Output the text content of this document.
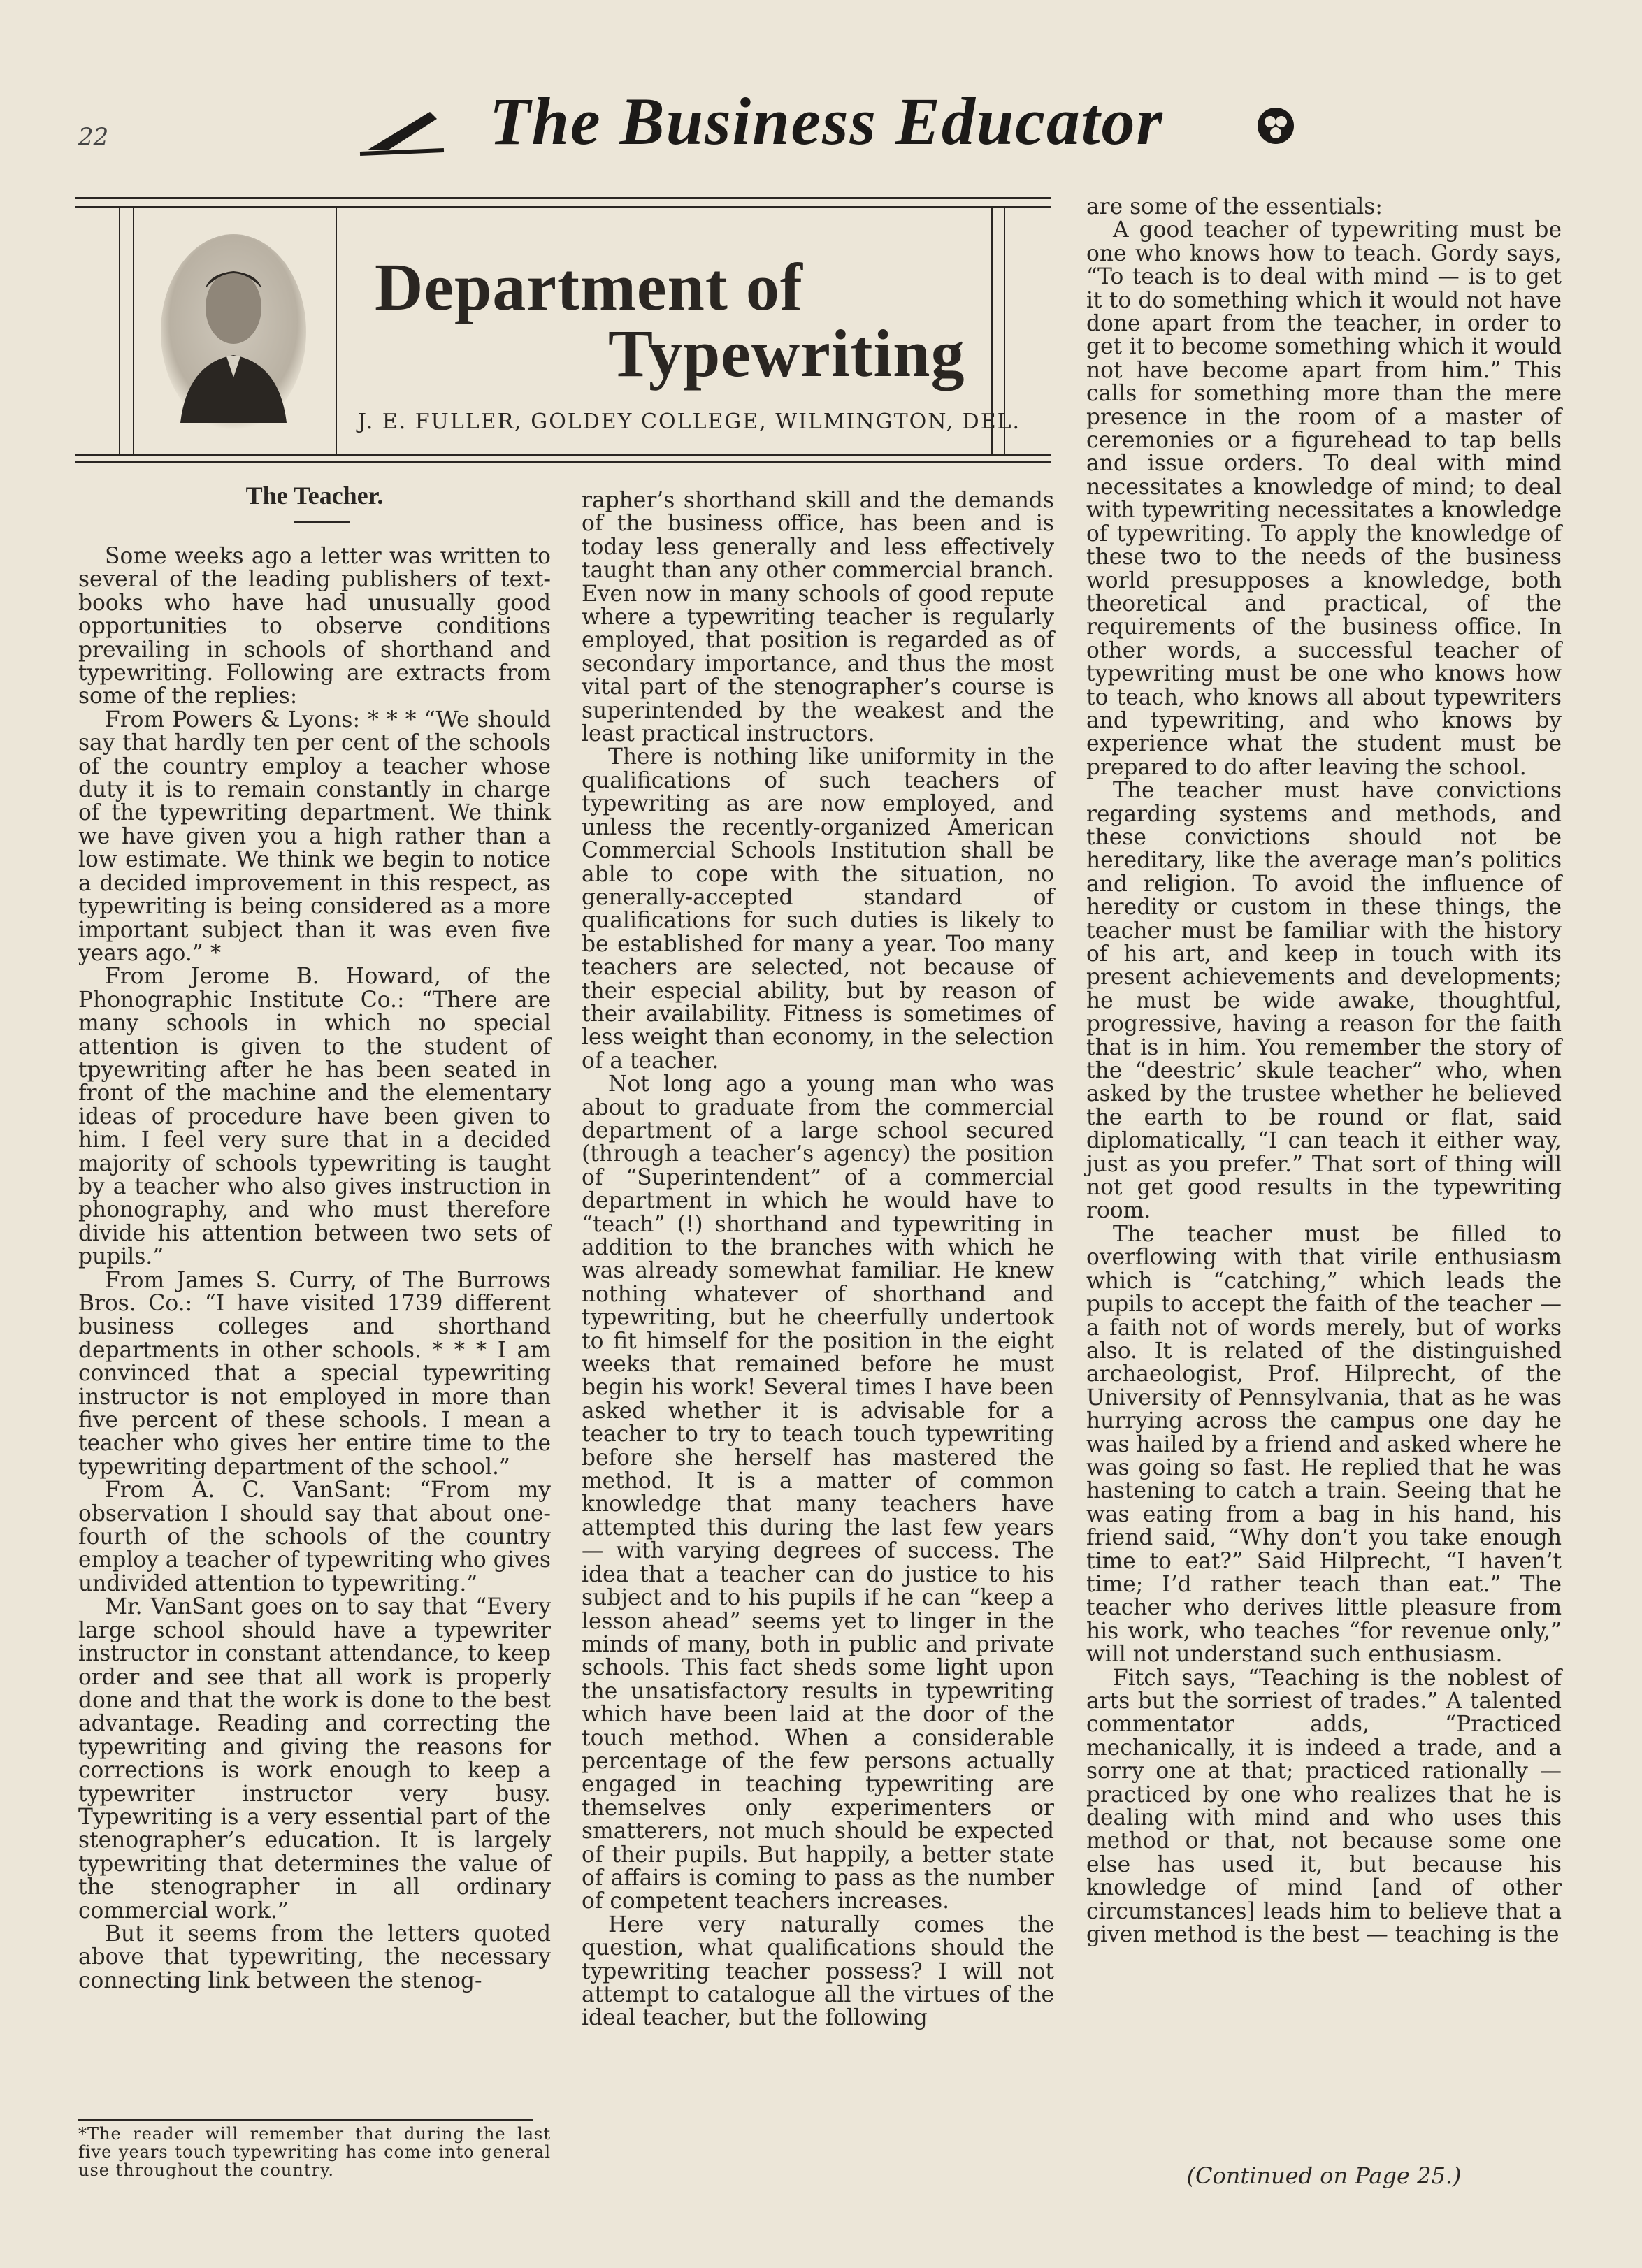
22	The Business Educator
Department of
Typewriting
J. E. FULLER, GOLDEY COLLEGE, WILMINGTON, DEL.
The Teacher.

Some weeks ago a letter was written to several of the leading publishers of text-books who have had unusually good opportunities to observe conditions prevailing in schools of shorthand and typewriting. Following are extracts from some of the replies:

From Powers & Lyons: * * * “We should say that hardly ten per cent of the schools of the country employ a teacher whose duty it is to remain constantly in charge of the typewriting department. We think we have given you a high rather than a low estimate. We think we begin to notice a decided improvement in this respect, as typewriting is being considered as a more important subject than it was even five years ago.” *

From Jerome B. Howard, of the Phonographic Institute Co.: “There are many schools in which no special attention is given to the student of tpyewriting after he has been seated in front of the machine and the elementary ideas of procedure have been given to him. I feel very sure that in a decided majority of schools typewriting is taught by a teacher who also gives instruction in phonography, and who must therefore divide his attention between two sets of pupils.”

From James S. Curry, of The Burrows Bros. Co.: “I have visited 1739 different business colleges and shorthand departments in other schools. * * * I am convinced that a special typewriting instructor is not employed in more than five percent of these schools. I mean a teacher who gives her entire time to the typewriting department of the school.”

From A. C. VanSant: “From my observation I should say that about one-fourth of the schools of the country employ a teacher of typewriting who gives undivided attention to typewriting.”

Mr. VanSant goes on to say that “Every large school should have a typewriter instructor in constant attendance, to keep order and see that all work is properly done and that the work is done to the best advantage. Reading and correcting the typewriting and giving the reasons for corrections is work enough to keep a typewriter instructor very busy. Typewriting is a very essential part of the stenographer’s education. It is largely typewriting that determines the value of the stenographer in all ordinary commercial work.”

But it seems from the letters quoted above that typewriting, the necessary connecting link between the stenog-

*The reader will remember that during the last five years touch typewriting has come into general use throughout the country.

rapher’s shorthand skill and the demands of the business office, has been and is today less generally and less effectively taught than any other commercial branch. Even now in many schools of good repute where a typewriting teacher is regularly employed, that position is regarded as of secondary importance, and thus the most vital part of the stenographer’s course is superintended by the weakest and the least practical instructors.

There is nothing like uniformity in the qualifications of such teachers of typewriting as are now employed, and unless the recently-organized American Commercial Schools Institution shall be able to cope with the situation, no generally-accepted standard of qualifications for such duties is likely to be established for many a year. Too many teachers are selected, not because of their especial ability, but by reason of their availability. Fitness is sometimes of less weight than economy, in the selection of a teacher.

Not long ago a young man who was about to graduate from the commercial department of a large school secured (through a teacher’s agency) the position of “Superintendent” of a commercial department in which he would have to “teach” (!) shorthand and typewriting in addition to the branches with which he was already somewhat familiar. He knew nothing whatever of shorthand and typewriting, but he cheerfully undertook to fit himself for the position in the eight weeks that remained before he must begin his work! Several times I have been asked whether it is advisable for a teacher to try to teach touch typewriting before she herself has mastered the method. It is a matter of common knowledge that many teachers have attempted this during the last few years — with varying degrees of success. The idea that a teacher can do justice to his subject and to his pupils if he can “keep a lesson ahead” seems yet to linger in the minds of many, both in public and private schools. This fact sheds some light upon the unsatisfactory results in typewriting which have been laid at the door of the touch method. When a considerable percentage of the few persons actually engaged in teaching typewriting are themselves only experimenters or smatterers, not much should be expected of their pupils. But happily, a better state of affairs is coming to pass as the number of competent teachers increases.

Here very naturally comes the question, what qualifications should the typewriting teacher possess? I will not attempt to catalogue all the virtues of the ideal teacher, but the following

are some of the essentials:

A good teacher of typewriting must be one who knows how to teach. Gordy says, “To teach is to deal with mind — is to get it to do something which it would not have done apart from the teacher, in order to get it to become something which it would not have become apart from him.” This calls for something more than the mere presence in the room of a master of ceremonies or a figurehead to tap bells and issue orders. To deal with mind necessitates a knowledge of mind; to deal with typewriting necessitates a knowledge of typewriting. To apply the knowledge of these two to the needs of the business world presupposes a knowledge, both theoretical and practical, of the requirements of the business office. In other words, a successful teacher of typewriting must be one who knows how to teach, who knows all about typewriters and typewriting, and who knows by experience what the student must be prepared to do after leaving the school.

The teacher must have convictions regarding systems and methods, and these convictions should not be hereditary, like the average man’s politics and religion. To avoid the influence of heredity or custom in these things, the teacher must be familiar with the history of his art, and keep in touch with its present achievements and developments; he must be wide awake, thoughtful, progressive, having a reason for the faith that is in him. You remember the story of the “deestric’ skule teacher” who, when asked by the trustee whether he believed the earth to be round or flat, said diplomatically, “I can teach it either way, just as you prefer.” That sort of thing will not get good results in the typewriting room.

The teacher must be filled to overflowing with that virile enthusiasm which is “catching,” which leads the pupils to accept the faith of the teacher — a faith not of words merely, but of works also. It is related of the distinguished archaeologist, Prof. Hilprecht, of the University of Pennsylvania, that as he was hurrying across the campus one day he was hailed by a friend and asked where he was going so fast. He replied that he was hastening to catch a train. Seeing that he was eating from a bag in his hand, his friend said, “Why don’t you take enough time to eat?” Said Hilprecht, “I haven’t time; I’d rather teach than eat.” The teacher who derives little pleasure from his work, who teaches “for revenue only,” will not understand such enthusiasm.

Fitch says, “Teaching is the noblest of arts but the sorriest of trades.” A talented commentator adds, “Practiced mechanically, it is indeed a trade, and a sorry one at that; practiced rationally — practiced by one who realizes that he is dealing with mind and who uses this method or that, not because some one else has used it, but because his knowledge of mind [and of other circumstances] leads him to believe that a given method is the best — teaching is the

(Continued on Page 25.)
